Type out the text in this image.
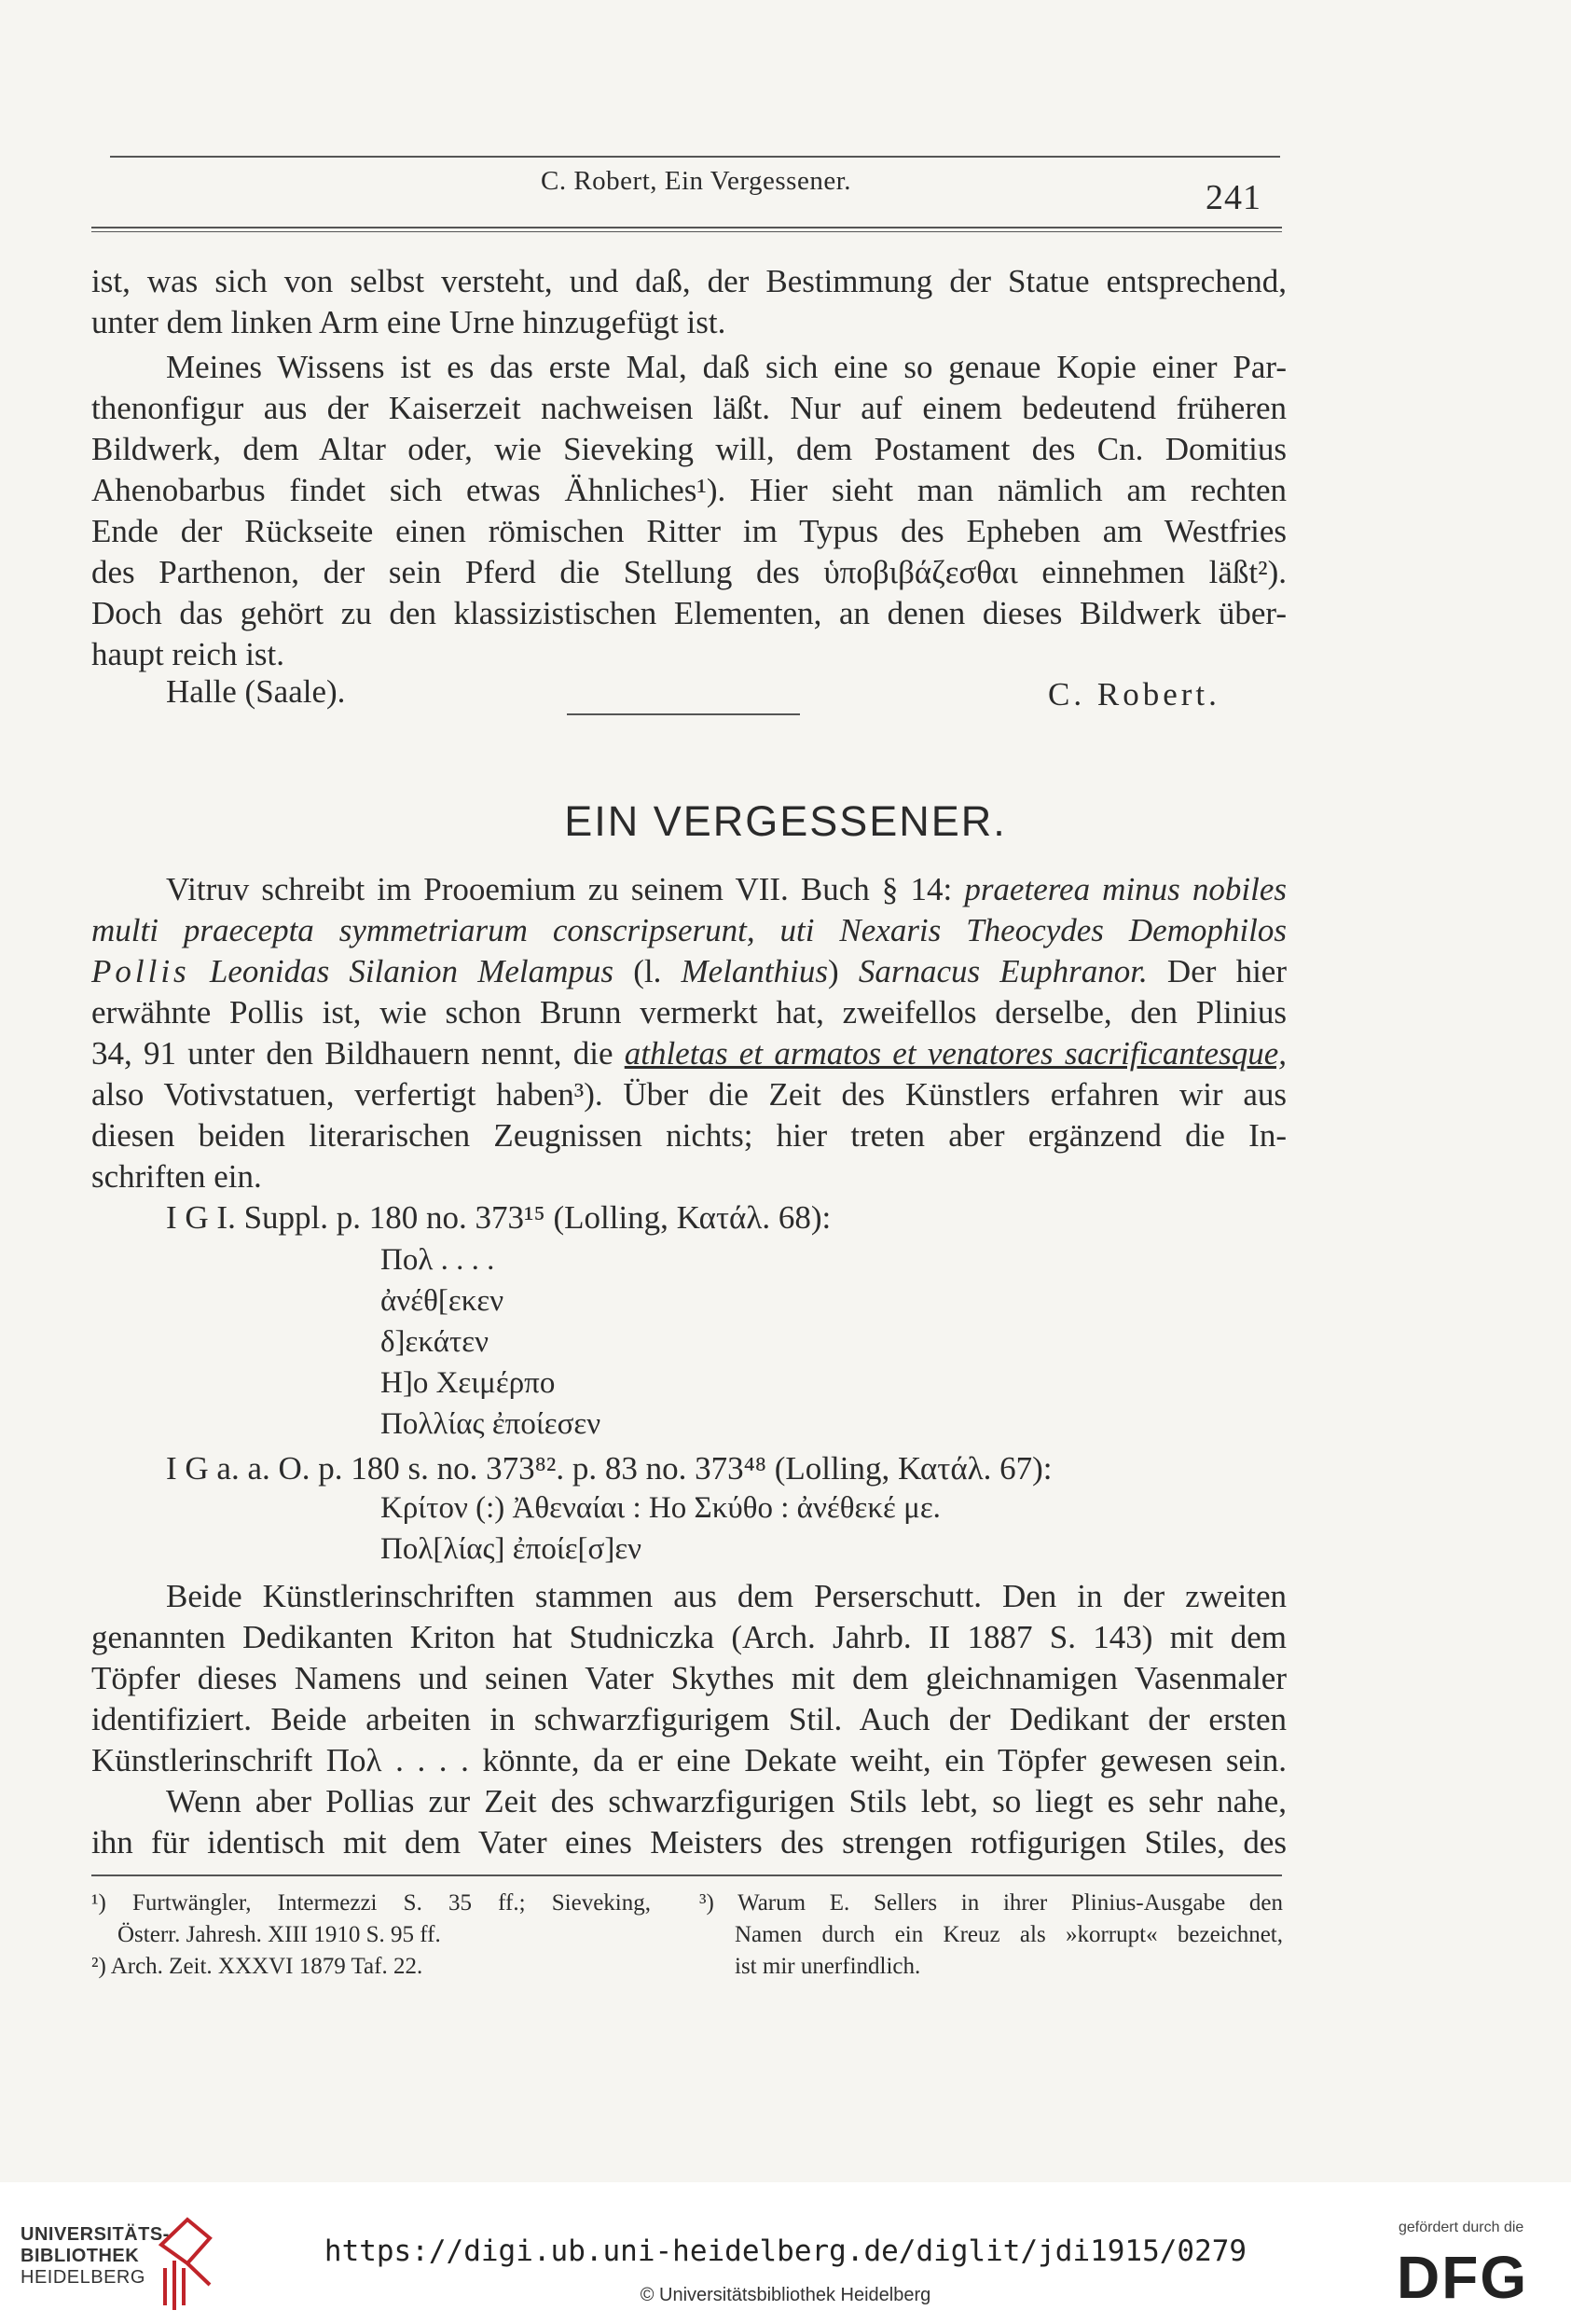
C. Robert, Ein Vergessener.	241
ist, was sich von selbst versteht, und daß, der Bestimmung der Statue entsprechend,
unter dem linken Arm eine Urne hinzugefügt ist.
Meines Wissens ist es das erste Mal, daß sich eine so genaue Kopie einer Par-
thenonfigur aus der Kaiserzeit nachweisen läßt. Nur auf einem bedeutend früheren
Bildwerk, dem Altar oder, wie Sieveking will, dem Postament des Cn. Domitius
Ahenobarbus findet sich etwas Ähnliches¹). Hier sieht man nämlich am rechten
Ende der Rückseite einen römischen Ritter im Typus des Epheben am Westfries
des Parthenon, der sein Pferd die Stellung des ὑποβιβάζεσθαι einnehmen läßt²).
Doch das gehört zu den klassizistischen Elementen, an denen dieses Bildwerk über-
haupt reich ist.
Halle (Saale).	C. Robert.
EIN VERGESSENER.
Vitruv schreibt im Prooemium zu seinem VII. Buch § 14: praeterea minus nobiles
multi praecepta symmetriarum conscripserunt, uti Nexaris Theocydes Demophilos
Pollis Leonidas Silanion Melampus (l. Melanthius) Sarnacus Euphranor. Der hier
erwähnte Pollis ist, wie schon Brunn vermerkt hat, zweifellos derselbe, den Plinius
34, 91 unter den Bildhauern nennt, die athletas et armatos et venatores sacrificantesque,
also Votivstatuen, verfertigt haben³). Über die Zeit des Künstlers erfahren wir aus
diesen beiden literarischen Zeugnissen nichts; hier treten aber ergänzend die In-
schriften ein.
I G I. Suppl. p. 180 no. 373¹⁵ (Lolling, Κατάλ. 68):
Πολ . . . .
ἀνέθ[εκεν
δ]εκάτεν
Η]ο Χειμέρπο
Πολλίας ἐποίεσεν
I G a. a. O. p. 180 s. no. 373⁸². p. 83 no. 373⁴⁸ (Lolling, Κατάλ. 67):
Κρίτον (:) Ἀθεναίαι : Ηο Σκύθο : ἀνέθεκέ με.
Πολ[λίας] ἐποίε[σ]εν
Beide Künstlerinschriften stammen aus dem Perserschutt. Den in der zweiten
genannten Dedikanten Kriton hat Studniczka (Arch. Jahrb. II 1887 S. 143) mit dem
Töpfer dieses Namens und seinen Vater Skythes mit dem gleichnamigen Vasenmaler
identifiziert. Beide arbeiten in schwarzfigurigem Stil. Auch der Dedikant der ersten
Künstlerinschrift Πολ . . . . könnte, da er eine Dekate weiht, ein Töpfer gewesen sein.
Wenn aber Pollias zur Zeit des schwarzfigurigen Stils lebt, so liegt es sehr nahe,
ihn für identisch mit dem Vater eines Meisters des strengen rotfigurigen Stiles, des
¹) Furtwängler, Intermezzi S. 35 ff.; Sieveking,
Österr. Jahresh. XIII 1910 S. 95 ff.
²) Arch. Zeit. XXXVI 1879 Taf. 22.
³) Warum E. Sellers in ihrer Plinius-Ausgabe den
Namen durch ein Kreuz als »korrupt« bezeichnet,
ist mir unerfindlich.
UNIVERSITÄTS-
BIBLIOTHEK
HEIDELBERG
https://digi.ub.uni-heidelberg.de/diglit/jdi1915/0279
© Universitätsbibliothek Heidelberg
gefördert durch die
DFG
